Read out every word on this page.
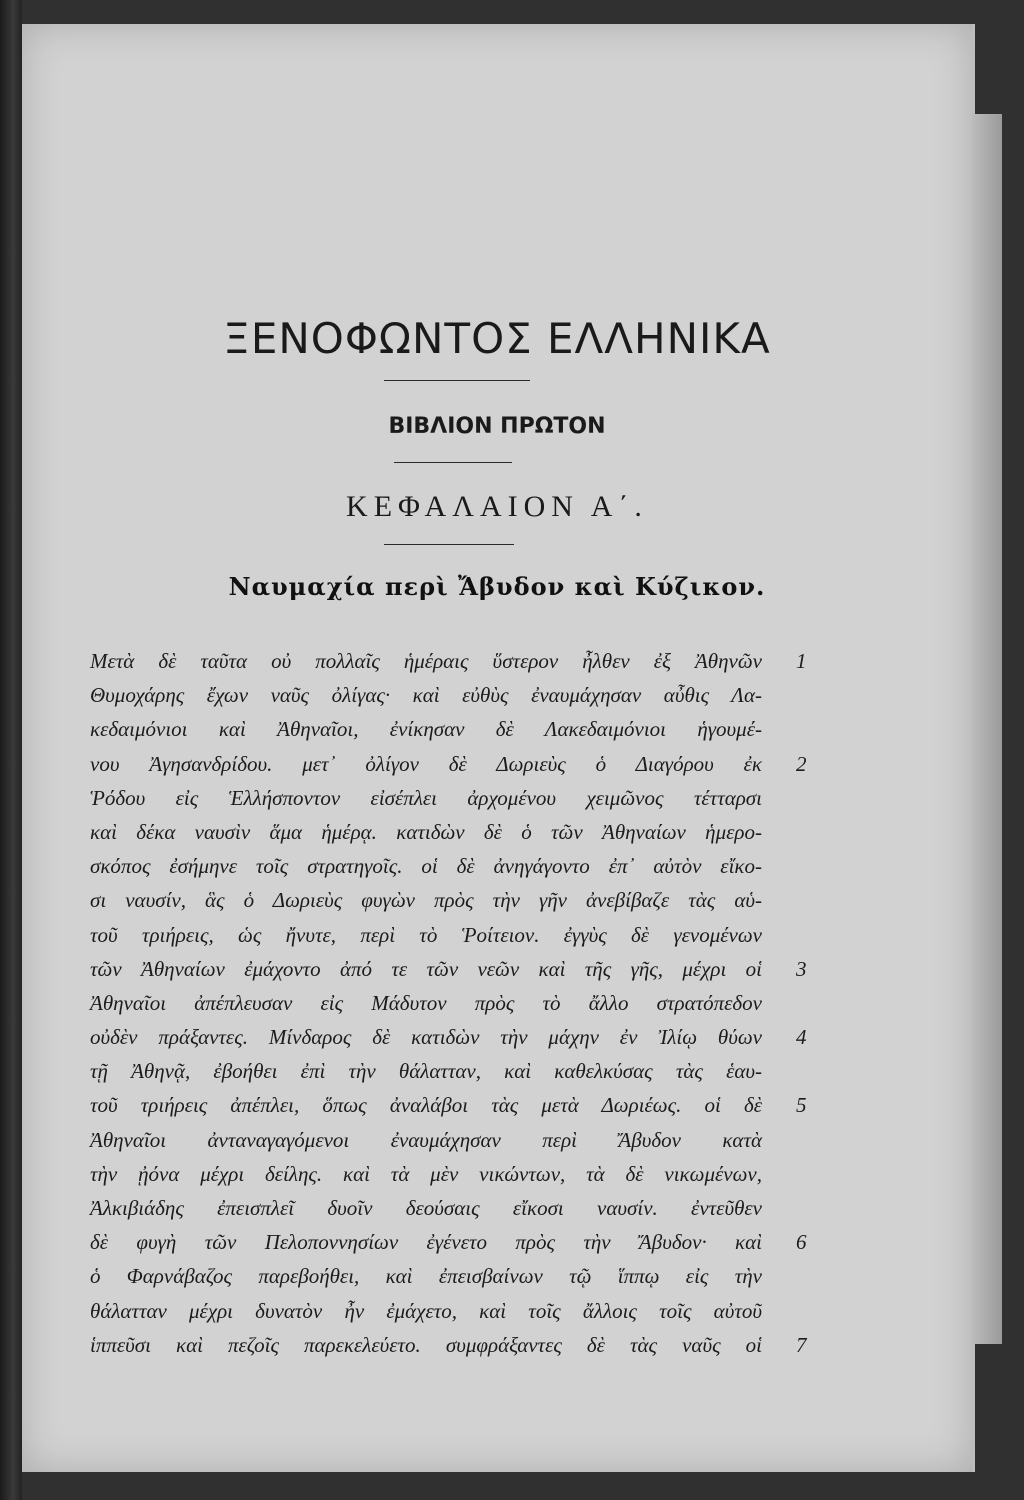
ΞΕΝΟΦΩΝΤΟΣ ΕΛΛΗΝΙΚΑ
ΒΙΒΛΙΟΝ ΠΡΩΤΟΝ
ΚΕΦΑΛΑΙΟΝ Α΄.
Ναυμαχία περὶ Ἄβυδον καὶ Κύζικον.
Μετὰ δὲ ταῦτα οὐ πολλαῖς ἡμέραις ὕστερον ἦλθεν ἐξ Ἀθηνῶν 1
Θυμοχάρης ἔχων ναῦς ὀλίγας· καὶ εὐθὺς ἐναυμάχησαν αὖθις Λα-
κεδαιμόνιοι καὶ Ἀθηναῖοι, ἐνίκησαν δὲ Λακεδαιμόνιοι ἡγουμέ-
νου Ἀγησανδρίδου. μετ᾽ ὀλίγον δὲ Δωριεὺς ὁ Διαγόρου ἐκ 2
Ῥόδου εἰς Ἑλλήσποντον εἰσέπλει ἀρχομένου χειμῶνος τέτταρσι
καὶ δέκα ναυσὶν ἅμα ἡμέρᾳ. κατιδὼν δὲ ὁ τῶν Ἀθηναίων ἡμερο-
σκόπος ἐσήμηνε τοῖς στρατηγοῖς. οἱ δὲ ἀνηγάγοντο ἐπ᾽ αὐτὸν εἴκο-
σι ναυσίν, ἃς ὁ Δωριεὺς φυγὼν πρὸς τὴν γῆν ἀνεβίβαζε τὰς αὑ-
τοῦ τριήρεις, ὡς ἤνυτε, περὶ τὸ Ῥοίτειον. ἐγγὺς δὲ γενομένων
τῶν Ἀθηναίων ἐμάχοντο ἀπό τε τῶν νεῶν καὶ τῆς γῆς, μέχρι οἱ 3
Ἀθηναῖοι ἀπέπλευσαν εἰς Μάδυτον πρὸς τὸ ἄλλο στρατόπεδον
οὐδὲν πράξαντες. Μίνδαρος δὲ κατιδὼν τὴν μάχην ἐν Ἰλίῳ θύων 4
τῇ Ἀθηνᾷ, ἐβοήθει ἐπὶ τὴν θάλατταν, καὶ καθελκύσας τὰς ἑαυ-
τοῦ τριήρεις ἀπέπλει, ὅπως ἀναλάβοι τὰς μετὰ Δωριέως. οἱ δὲ 5
Ἀθηναῖοι ἀνταναγαγόμενοι ἐναυμάχησαν περὶ Ἄβυδον κατὰ
τὴν ᾐόνα μέχρι δείλης. καὶ τὰ μὲν νικώντων, τὰ δὲ νικωμένων,
Ἀλκιβιάδης ἐπεισπλεῖ δυοῖν δεούσαις εἴκοσι ναυσίν. ἐντεῦθεν
δὲ φυγὴ τῶν Πελοποννησίων ἐγένετο πρὸς τὴν Ἄβυδον· καὶ 6
ὁ Φαρνάβαζος παρεβοήθει, καὶ ἐπεισβαίνων τῷ ἵππῳ εἰς τὴν
θάλατταν μέχρι δυνατὸν ἦν ἐμάχετο, καὶ τοῖς ἄλλοις τοῖς αὐτοῦ
ἱππεῦσι καὶ πεζοῖς παρεκελεύετο. συμφράξαντες δὲ τὰς ναῦς οἱ 7
